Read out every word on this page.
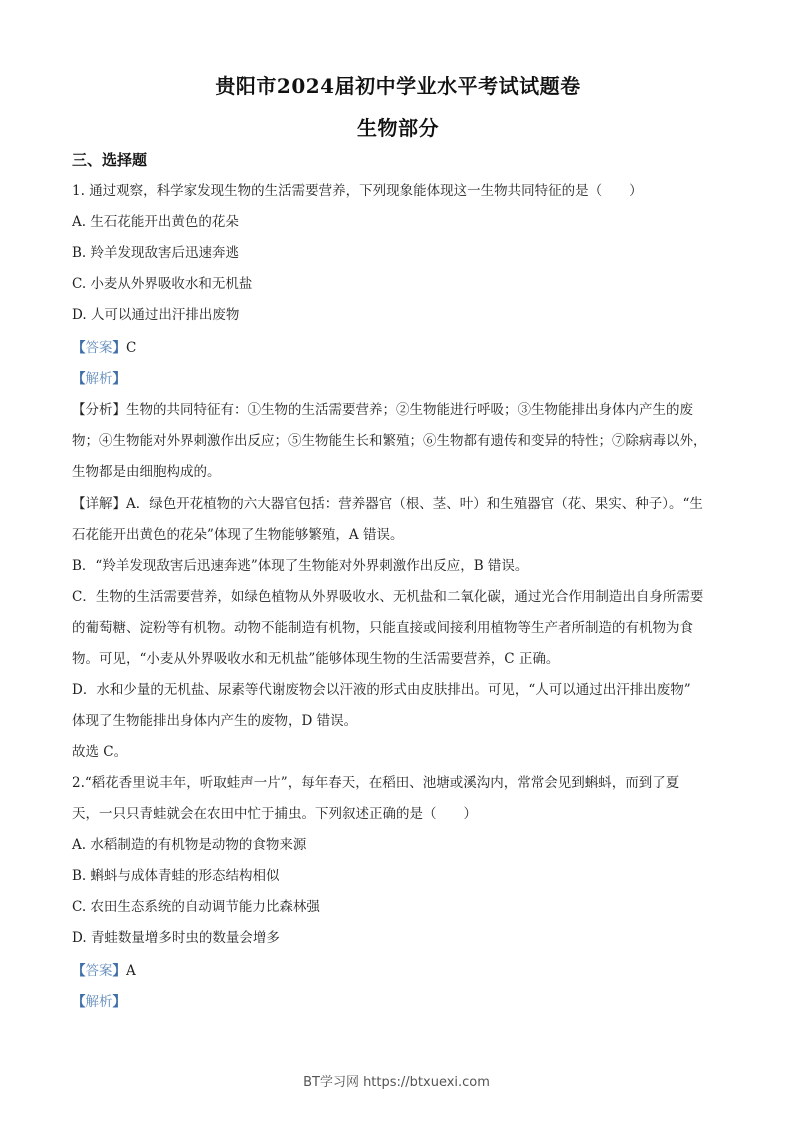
贵阳市2024届初中学业水平考试试题卷
生物部分
三、选择题
1. 通过观察，科学家发现生物的生活需要营养，下列现象能体现这一生物共同特征的是（　　）
A. 生石花能开出黄色的花朵
B. 羚羊发现敌害后迅速奔逃
C. 小麦从外界吸收水和无机盐
D. 人可以通过出汗排出废物
【答案】C
【解析】
【分析】生物的共同特征有：①生物的生活需要营养；②生物能进行呼吸；③生物能排出身体内产生的废
物；④生物能对外界刺激作出反应；⑤生物能生长和繁殖；⑥生物都有遗传和变异的特性；⑦除病毒以外，
生物都是由细胞构成的。
【详解】A．绿色开花植物的六大器官包括：营养器官（根、茎、叶）和生殖器官（花、果实、种子）。“生
石花能开出黄色的花朵”体现了生物能够繁殖，A 错误。
B．“羚羊发现敌害后迅速奔逃”体现了生物能对外界刺激作出反应，B 错误。
C．生物的生活需要营养，如绿色植物从外界吸收水、无机盐和二氧化碳，通过光合作用制造出自身所需要
的葡萄糖、淀粉等有机物。动物不能制造有机物，只能直接或间接利用植物等生产者所制造的有机物为食
物。可见，“小麦从外界吸收水和无机盐”能够体现生物的生活需要营养，C 正确。
D．水和少量的无机盐、尿素等代谢废物会以汗液的形式由皮肤排出。可见，“人可以通过出汗排出废物”
体现了生物能排出身体内产生的废物，D 错误。
故选 C。
2.“稻花香里说丰年，听取蛙声一片”，每年春天，在稻田、池塘或溪沟内，常常会见到蝌蚪，而到了夏
天，一只只青蛙就会在农田中忙于捕虫。下列叙述正确的是（　　）
A. 水稻制造的有机物是动物的食物来源
B. 蝌蚪与成体青蛙的形态结构相似
C. 农田生态系统的自动调节能力比森林强
D. 青蛙数量增多时虫的数量会增多
【答案】A
【解析】
BT学习网 https://btxuexi.com
